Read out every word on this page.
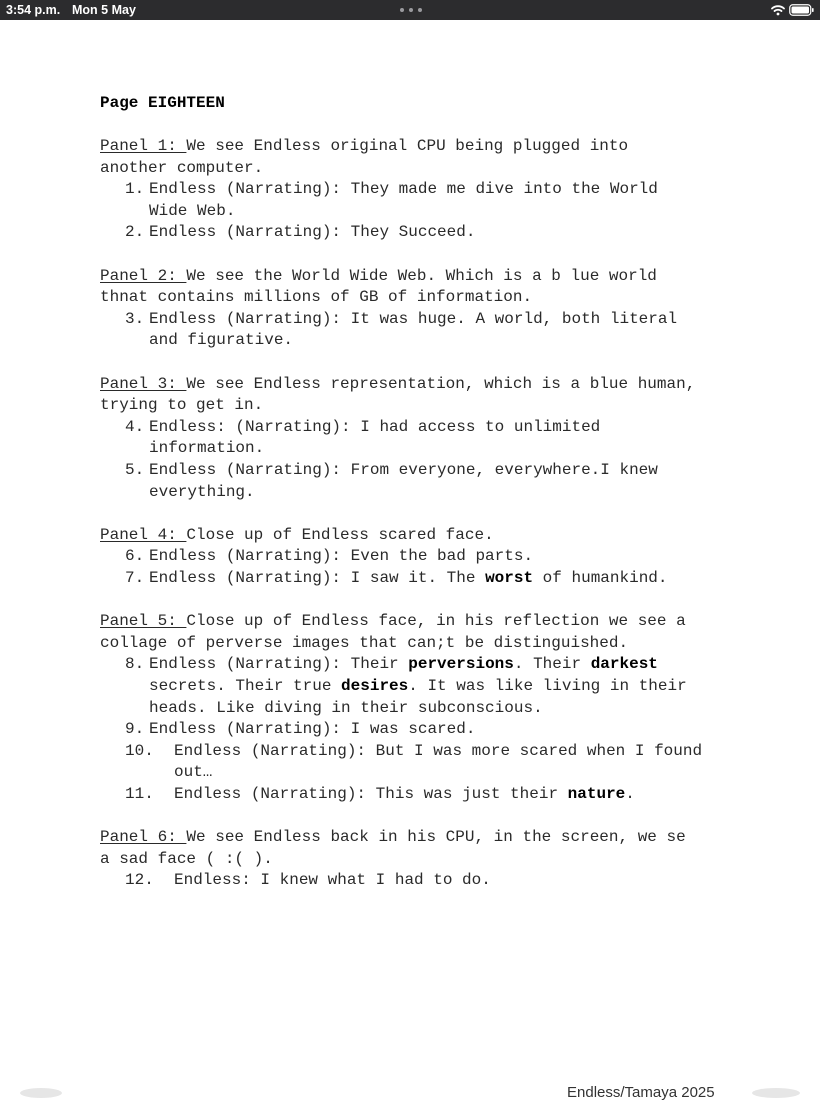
3:54 p.m. Mon 5 May
Page EIGHTEEN
Panel 1: We see Endless original CPU being plugged into
another computer.
1. Endless (Narrating): They made me dive into the World
Wide Web.
2. Endless (Narrating): They Succeed.
Panel 2: We see the World Wide Web. Which is a b lue world
thnat contains millions of GB of information.
3. Endless (Narrating): It was huge. A world, both literal
and figurative.
Panel 3: We see Endless representation, which is a blue human,
trying to get in.
4. Endless: (Narrating): I had access to unlimited
information.
5. Endless (Narrating): From everyone, everywhere.I knew
everything.
Panel 4: Close up of Endless scared face.
6. Endless (Narrating): Even the bad parts.
7. Endless (Narrating): I saw it. The worst of humankind.
Panel 5: Close up of Endless face, in his reflection we see a
collage of perverse images that can;t be distinguished.
8. Endless (Narrating): Their perversions. Their darkest
secrets. Their true desires. It was like living in their
heads. Like diving in their subconscious.
9. Endless (Narrating): I was scared.
10. Endless (Narrating): But I was more scared when I found
out…
11. Endless (Narrating): This was just their nature.
Panel 6: We see Endless back in his CPU, in the screen, we se
a sad face ( :( ).
12. Endless: I knew what I had to do.
Endless/Tamaya 2025
